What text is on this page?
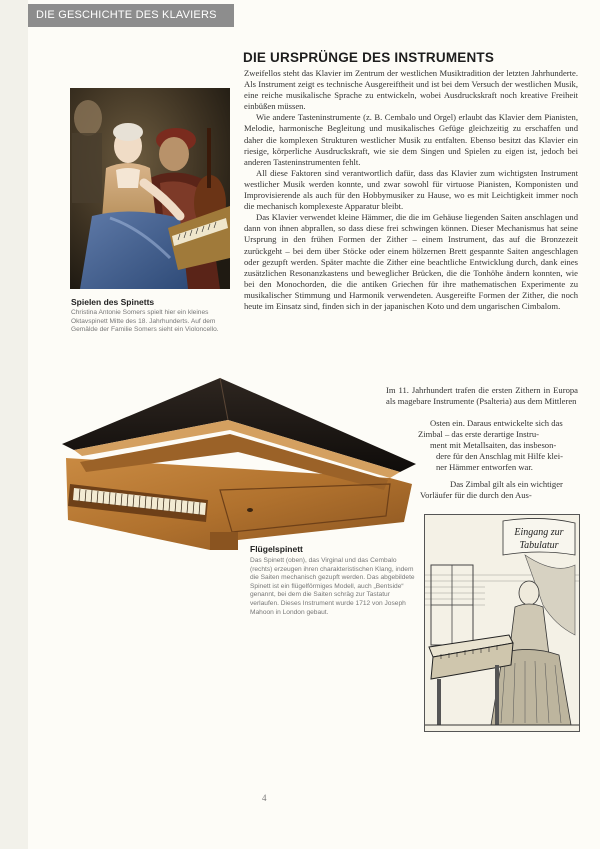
DIE GESCHICHTE DES KLAVIERS
Spielen des Spinetts
Christina Antonie Somers spielt hier ein kleines Oktavspinett Mitte des 18. Jahrhunderts. Auf dem Gemälde der Familie Somers sieht ein Violoncello.
DIE URSPRÜNGE DES INSTRUMENTS

Zweifellos steht das Klavier im Zentrum der westlichen Musiktradition der letzten Jahrhunderte. Als Instrument zeigt es technische Ausgereiftheit und ist bei dem Versuch der westlichen Musik, eine reiche musikalische Sprache zu entwickeln, wobei Ausdruckskraft noch kreative Freiheit einbüßen müssen.

Wie andere Tasteninstrumente (z. B. Cembalo und Orgel) erlaubt das Klavier dem Pianisten, Melodie, harmonische Begleitung und musikalisches Gefüge gleichzeitig zu erschaffen und daher die komplexen Strukturen westlicher Musik zu entfalten. Ebenso besitzt das Klavier ein riesige, körperliche Ausdruckskraft, wie sie dem Singen und Spielen zu eigen ist, jedoch bei anderen Tasteninstrumenten fehlt.

All diese Faktoren sind verantwortlich dafür, dass das Klavier zum wichtigsten Instrument westlicher Musik werden konnte, und zwar sowohl für virtuose Pianisten, Komponisten und Improvisierende als auch für den Hobbymusiker zu Hause, wo es mit Leichtigkeit immer noch die mechanisch komplexeste Apparatur bleibt.

Das Klavier verwendet kleine Hämmer, die die im Gehäuse liegenden Saiten anschlagen und dann von ihnen abprallen, so dass diese frei schwingen können. Dieser Mechanismus hat seine Ursprung in den frühen Formen der Zither – einem Instrument, das auf die Bronzezeit zurückgeht – bei dem über Stöcke oder einem hölzernen Brett gespannte Saiten angeschlagen oder gezupft werden. Später machte die Zither eine beachtliche Entwicklung durch, dank eines zusätzlichen Resonanzkastens und beweglicher Brücken, die die Tonhöhe ändern konnten, wie bei den Monochorden, die die antiken Griechen für ihre mathematischen Experimente zu musikalischer Stimmung und Harmonik verwendeten. Ausgereifte Formen der Zither, die noch heute im Einsatz sind, finden sich in der japanischen Koto und dem ungarischen Cimbalom.

Im 11. Jahrhundert trafen die ersten Zithern in Europa als magebare Instrumente (Psalteria) aus dem Mittleren
Osten ein. Daraus entwickelte sich das
Zimbal – das erste derartige Instru-
ment mit Metallsaiten, das insbeson-
dere für den Anschlag mit Hilfe klei-
ner Hämmer entworfen war.
Das Zimbal gilt als ein wichtiger
Vorläufer für die durch den Aus-
Flügelspinett
Das Spinett (oben), das Virginal und das Cembalo (rechts) erzeugen ihren charakteristischen Klang, indem die Saiten mechanisch gezupft werden. Das abgebildete Spinett ist ein flügelförmiges Modell, auch „Bentside“ genannt, bei dem die Saiten schräg zur Tastatur verlaufen. Dieses Instrument wurde 1712 von Joseph Mahoon in London gebaut.
Eingang zur
Tabulatur
4
